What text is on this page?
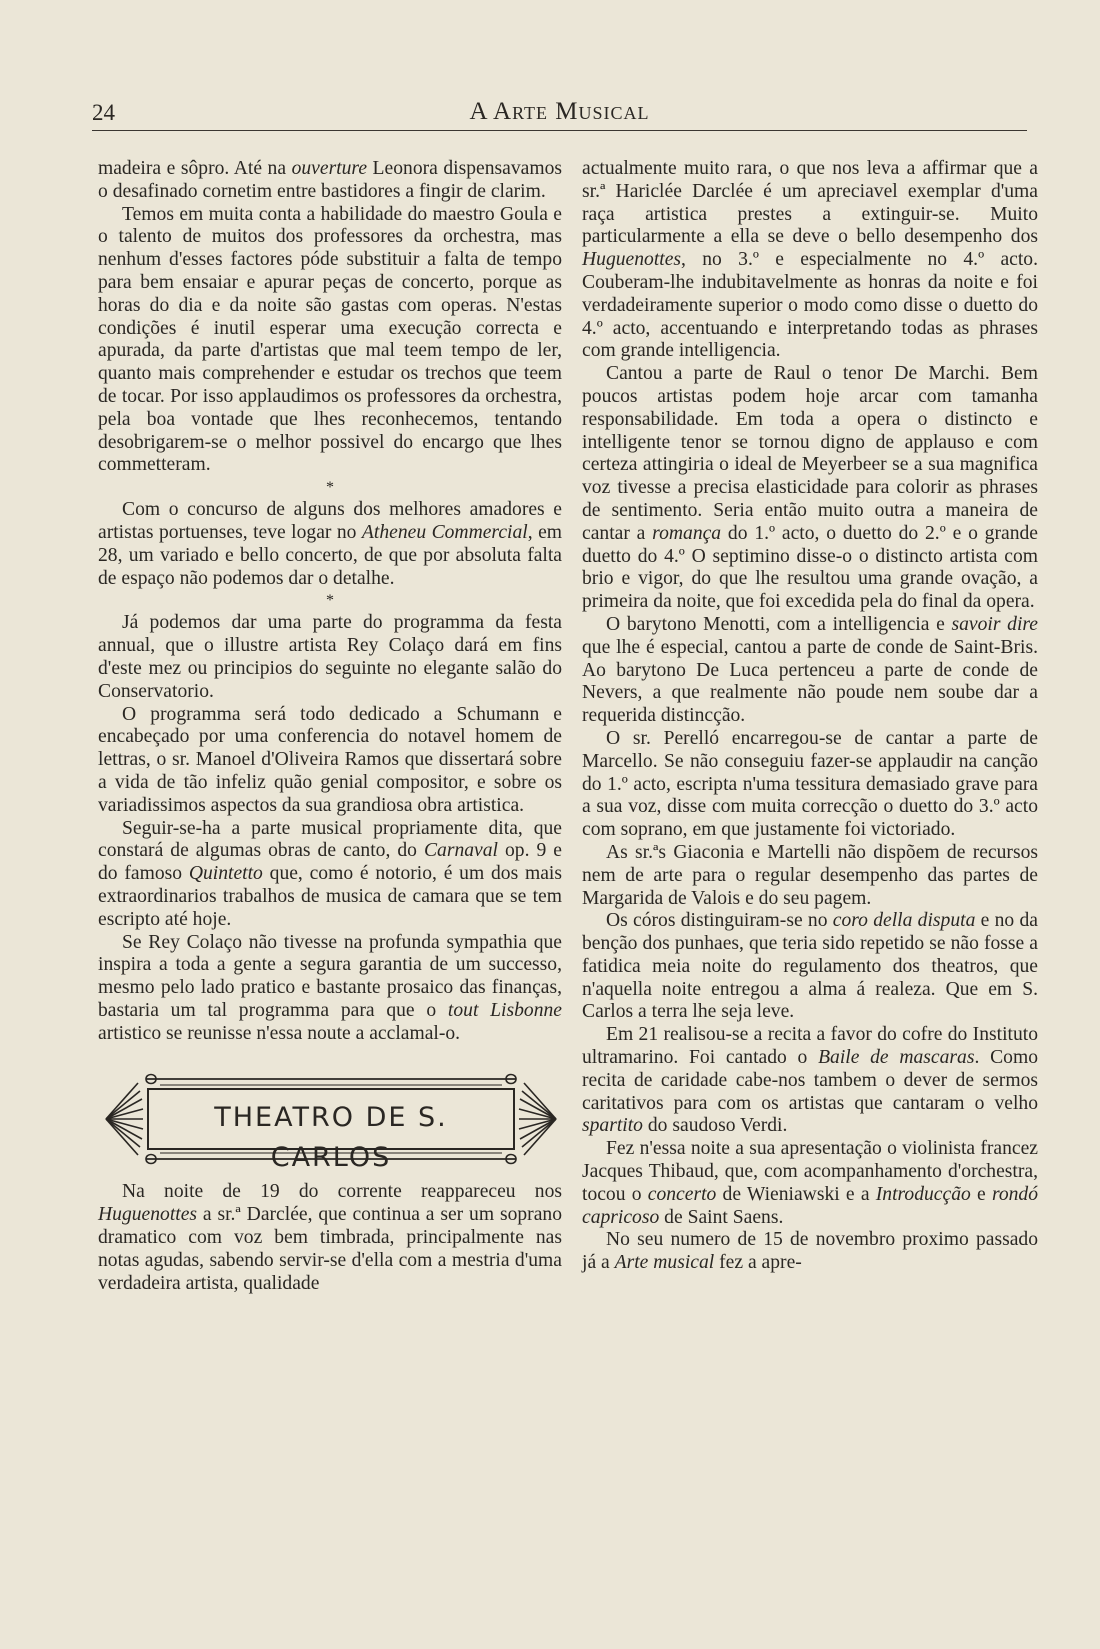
24	A Arte Musical

madeira e sôpro. Até na ouverture Leonora dispensavamos o desafinado cornetim entre bastidores a fingir de clarim.

Temos em muita conta a habilidade do maestro Goula e o talento de muitos dos professores da orchestra, mas nenhum d'esses factores póde substituir a falta de tempo para bem ensaiar e apurar peças de concerto, porque as horas do dia e da noite são gastas com operas. N'estas condições é inutil esperar uma execução correcta e apurada, da parte d'artistas que mal teem tempo de ler, quanto mais comprehender e estudar os trechos que teem de tocar. Por isso applaudimos os professores da orchestra, pela boa vontade que lhes reconhecemos, tentando desobrigarem-se o melhor possivel do encargo que lhes commetteram.

*

Com o concurso de alguns dos melhores amadores e artistas portuenses, teve logar no Atheneu Commercial, em 28, um variado e bello concerto, de que por absoluta falta de espaço não podemos dar o detalhe.

*

Já podemos dar uma parte do programma da festa annual, que o illustre artista Rey Colaço dará em fins d'este mez ou principios do seguinte no elegante salão do Conservatorio.

O programma será todo dedicado a Schumann e encabeçado por uma conferencia do notavel homem de lettras, o sr. Manoel d'Oliveira Ramos que dissertará sobre a vida de tão infeliz quão genial compositor, e sobre os variadissimos aspectos da sua grandiosa obra artistica.

Seguir-se-ha a parte musical propriamente dita, que constará de algumas obras de canto, do Carnaval op. 9 e do famoso Quintetto que, como é notorio, é um dos mais extraordinarios trabalhos de musica de camara que se tem escripto até hoje.

Se Rey Colaço não tivesse na profunda sympathia que inspira a toda a gente a segura garantia de um successo, mesmo pelo lado pratico e bastante prosaico das finanças, bastaria um tal programma para que o tout Lisbonne artistico se reunisse n'essa noute a acclamal-o.

THEATRO DE S. CARLOS

Na noite de 19 do corrente reappareceu nos Huguenottes a sr.ª Darclée, que continua a ser um soprano dramatico com voz bem timbrada, principalmente nas notas agudas, sabendo servir-se d'ella com a mestria d'uma verdadeira artista, qualidade

actualmente muito rara, o que nos leva a affirmar que a sr.ª Hariclée Darclée é um apreciavel exemplar d'uma raça artistica prestes a extinguir-se. Muito particularmente a ella se deve o bello desempenho dos Huguenottes, no 3.º e especialmente no 4.º acto. Couberam-lhe indubitavelmente as honras da noite e foi verdadeiramente superior o modo como disse o duetto do 4.º acto, accentuando e interpretando todas as phrases com grande intelligencia.

Cantou a parte de Raul o tenor De Marchi. Bem poucos artistas podem hoje arcar com tamanha responsabilidade. Em toda a opera o distincto e intelligente tenor se tornou digno de applauso e com certeza attingiria o ideal de Meyerbeer se a sua magnifica voz tivesse a precisa elasticidade para colorir as phrases de sentimento. Seria então muito outra a maneira de cantar a romança do 1.º acto, o duetto do 2.º e o grande duetto do 4.º O septimino disse-o o distincto artista com brio e vigor, do que lhe resultou uma grande ovação, a primeira da noite, que foi excedida pela do final da opera.

O barytono Menotti, com a intelligencia e savoir dire que lhe é especial, cantou a parte de conde de Saint-Bris. Ao barytono De Luca pertenceu a parte de conde de Nevers, a que realmente não poude nem soube dar a requerida distincção.

O sr. Perelló encarregou-se de cantar a parte de Marcello. Se não conseguiu fazer-se applaudir na canção do 1.º acto, escripta n'uma tessitura demasiado grave para a sua voz, disse com muita correcção o duetto do 3.º acto com soprano, em que justamente foi victoriado.

As sr.ªs Giaconia e Martelli não dispõem de recursos nem de arte para o regular desempenho das partes de Margarida de Valois e do seu pagem.

Os córos distinguiram-se no coro della disputa e no da benção dos punhaes, que teria sido repetido se não fosse a fatidica meia noite do regulamento dos theatros, que n'aquella noite entregou a alma á realeza. Que em S. Carlos a terra lhe seja leve.

Em 21 realisou-se a recita a favor do cofre do Instituto ultramarino. Foi cantado o Baile de mascaras. Como recita de caridade cabe-nos tambem o dever de sermos caritativos para com os artistas que cantaram o velho spartito do saudoso Verdi.

Fez n'essa noite a sua apresentação o violinista francez Jacques Thibaud, que, com acompanhamento d'orchestra, tocou o concerto de Wieniawski e a Introducção e rondó capricoso de Saint Saens.

No seu numero de 15 de novembro proximo passado já a Arte musical fez a apre-
